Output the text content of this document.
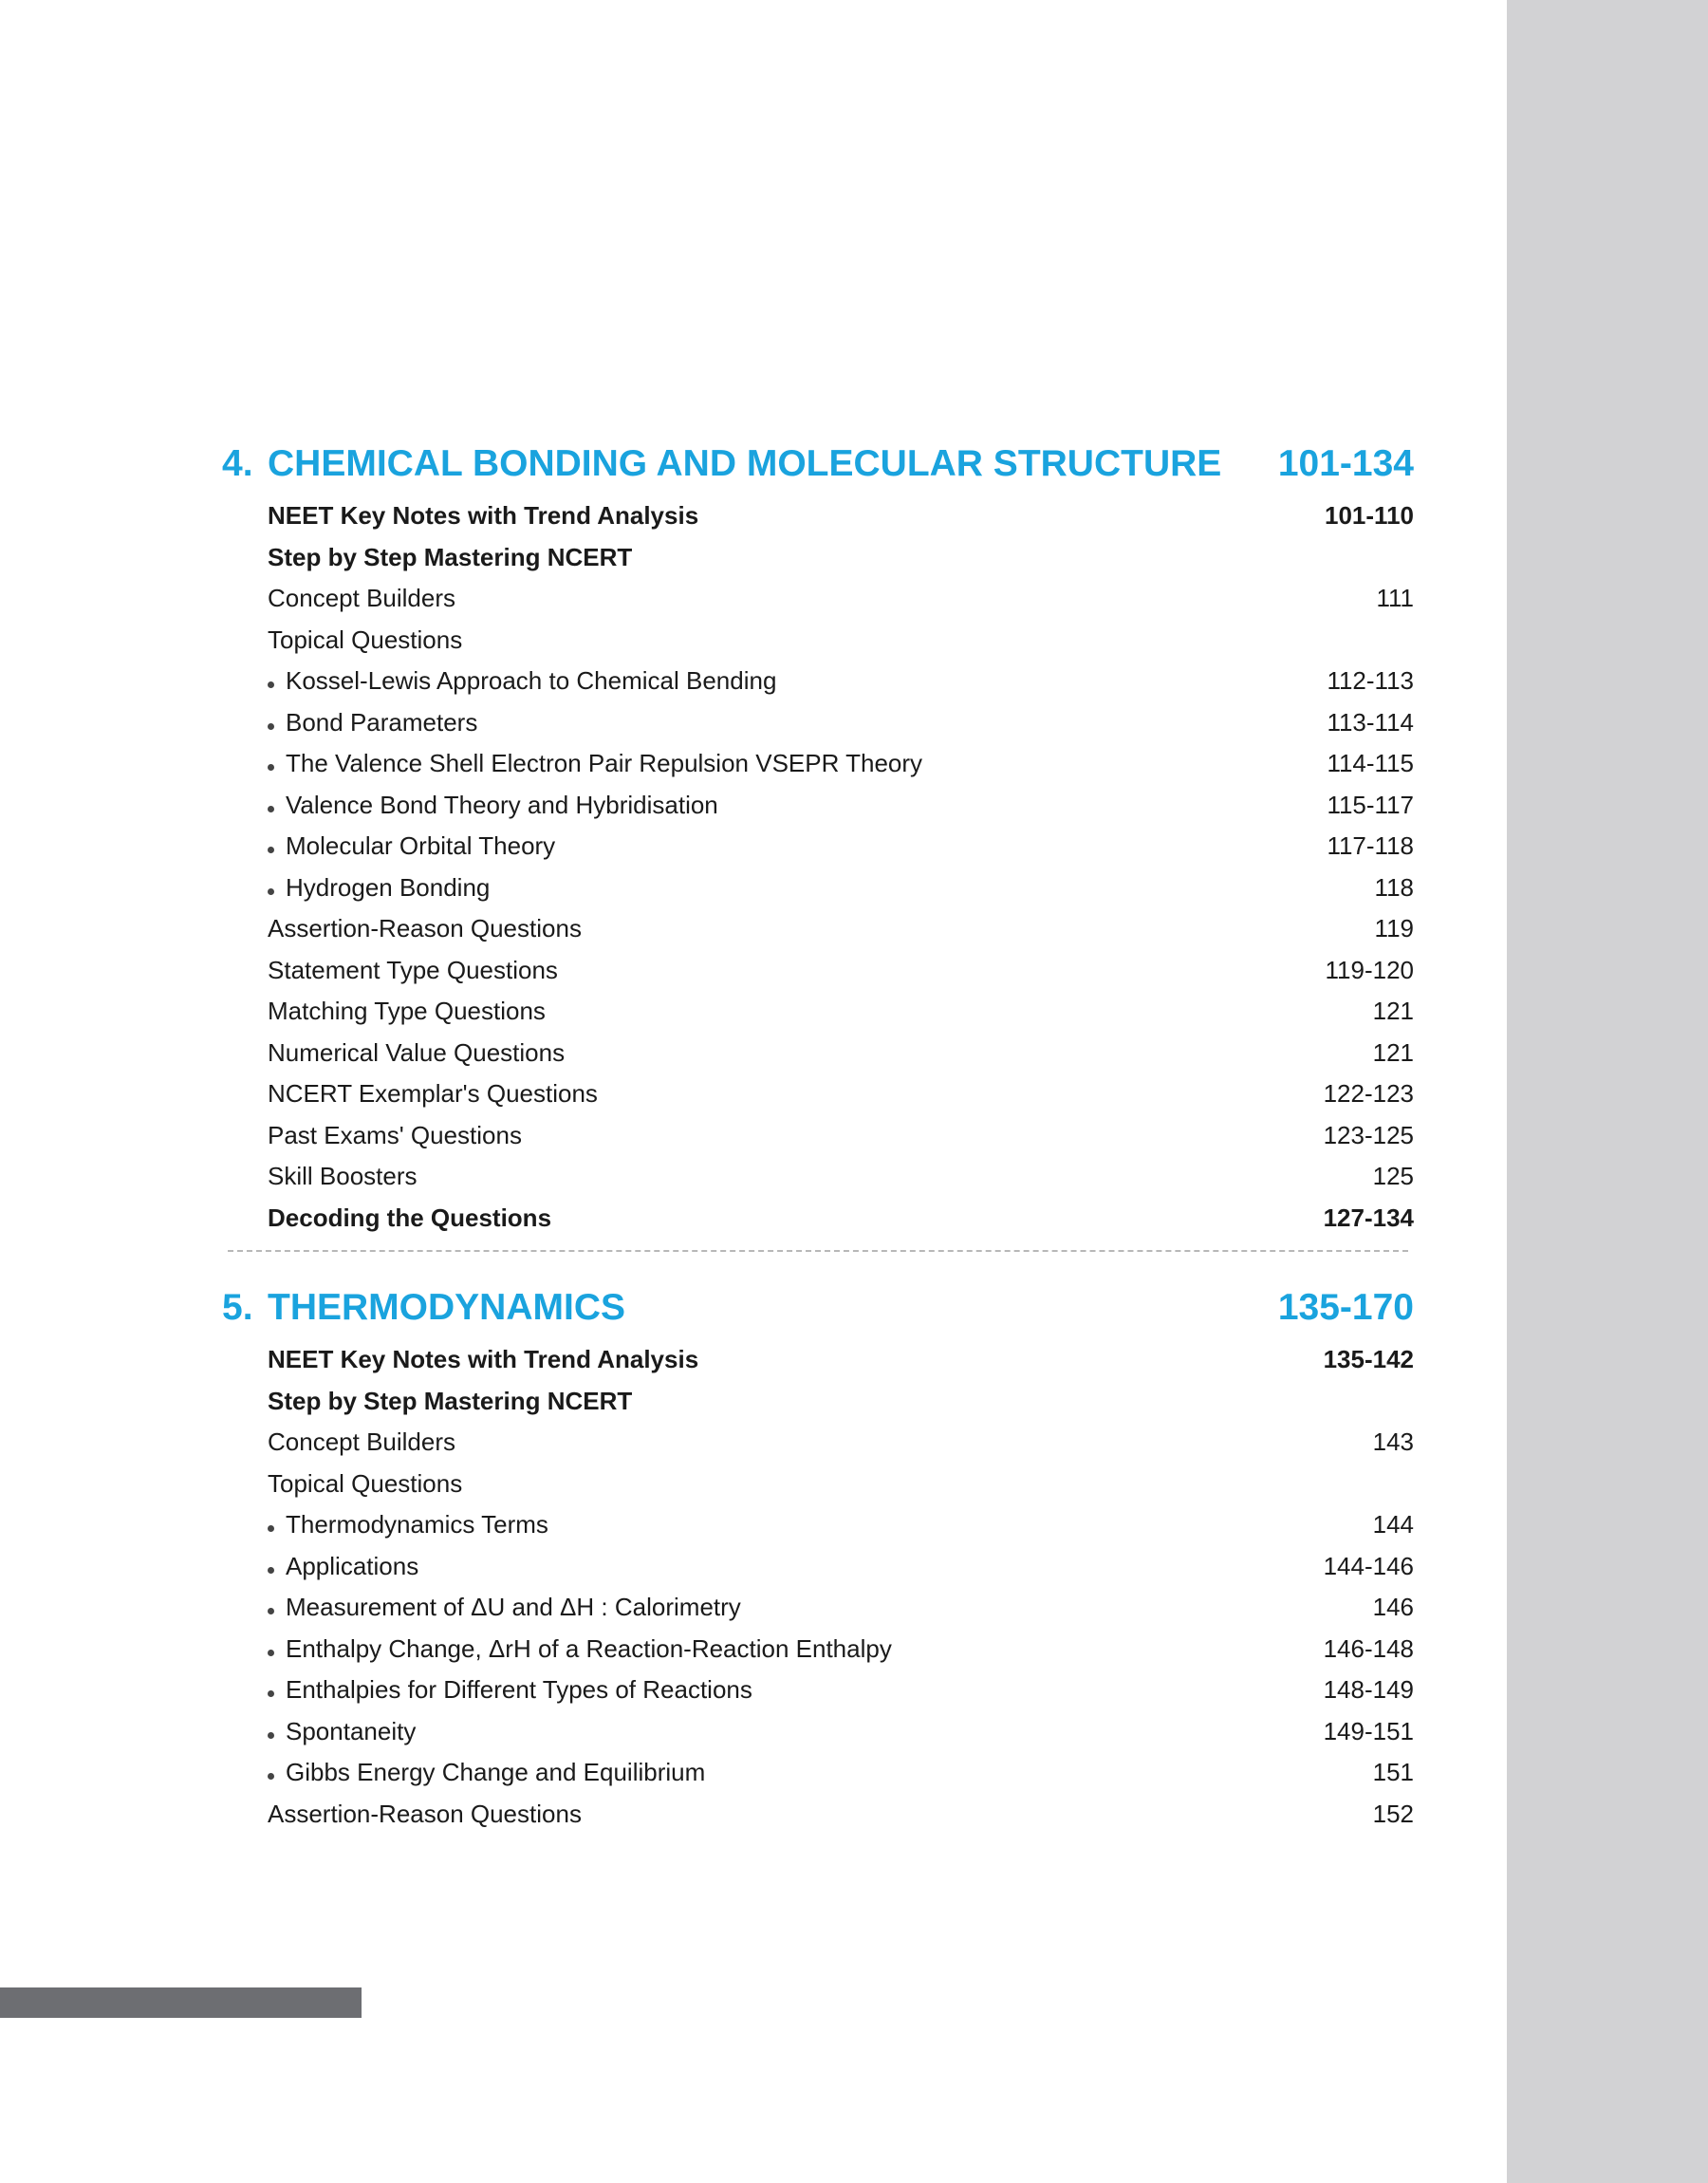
4. CHEMICAL BONDING AND MOLECULAR STRUCTURE 101-134
NEET Key Notes with Trend Analysis	101-110
Step by Step Mastering NCERT
Concept Builders	111
Topical Questions
Kossel-Lewis Approach to Chemical Bending	112-113
Bond Parameters	113-114
The Valence Shell Electron Pair Repulsion VSEPR Theory	114-115
Valence Bond Theory and Hybridisation	115-117
Molecular Orbital Theory	117-118
Hydrogen Bonding	118
Assertion-Reason Questions	119
Statement Type Questions	119-120
Matching Type Questions	121
Numerical Value Questions	121
NCERT Exemplar's Questions	122-123
Past Exams' Questions	123-125
Skill Boosters	125
Decoding the Questions	127-134
5. THERMODYNAMICS	135-170
NEET Key Notes with Trend Analysis	135-142
Step by Step Mastering NCERT
Concept Builders	143
Topical Questions
Thermodynamics Terms	144
Applications	144-146
Measurement of ΔU and ΔH : Calorimetry	146
Enthalpy Change, ΔrH of a Reaction-Reaction Enthalpy	146-148
Enthalpies for Different Types of Reactions	148-149
Spontaneity	149-151
Gibbs Energy Change and Equilibrium	151
Assertion-Reason Questions	152
